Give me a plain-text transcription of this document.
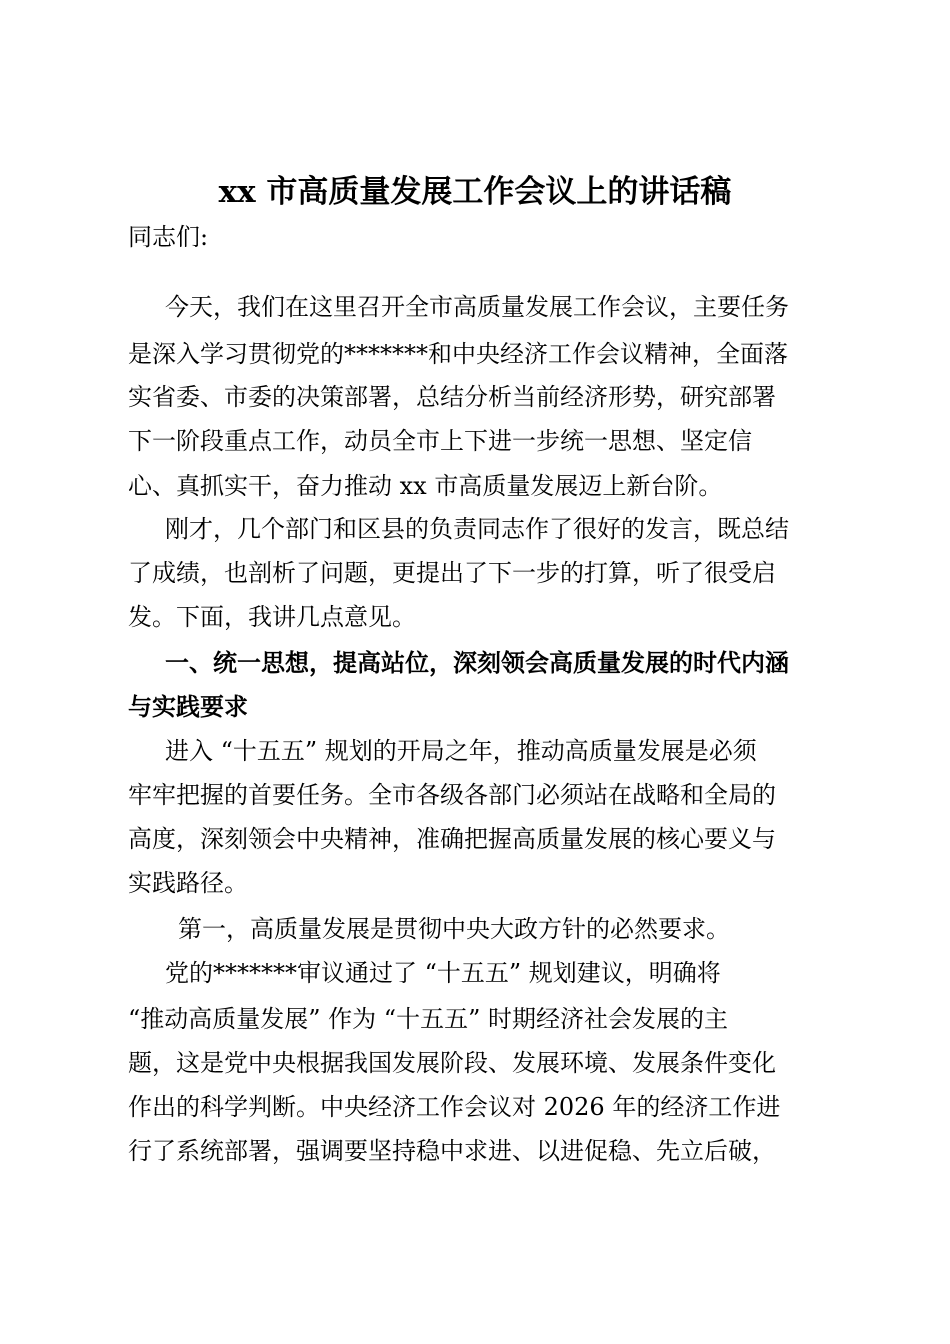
xx 市高质量发展工作会议上的讲话稿
同志们:
今天，我们在这里召开全市高质量发展工作会议，主要任务
是深入学习贯彻党的*******和中央经济工作会议精神，全面落
实省委、市委的决策部署，总结分析当前经济形势，研究部署
下一阶段重点工作，动员全市上下进一步统一思想、坚定信
心、真抓实干，奋力推动 xx 市高质量发展迈上新台阶。
刚才，几个部门和区县的负责同志作了很好的发言，既总结
了成绩，也剖析了问题，更提出了下一步的打算，听了很受启
发。下面，我讲几点意见。
一、统一思想，提高站位，深刻领会高质量发展的时代内涵
与实践要求
进入 “十五五” 规划的开局之年，推动高质量发展是必须
牢牢把握的首要任务。全市各级各部门必须站在战略和全局的
高度，深刻领会中央精神，准确把握高质量发展的核心要义与
实践路径。
第一，高质量发展是贯彻中央大政方针的必然要求。
党的*******审议通过了 “十五五” 规划建议，明确将
“推动高质量发展” 作为 “十五五” 时期经济社会发展的主
题，这是党中央根据我国发展阶段、发展环境、发展条件变化
作出的科学判断。中央经济工作会议对 2026 年的经济工作进
行了系统部署，强调要坚持稳中求进、以进促稳、先立后破，
